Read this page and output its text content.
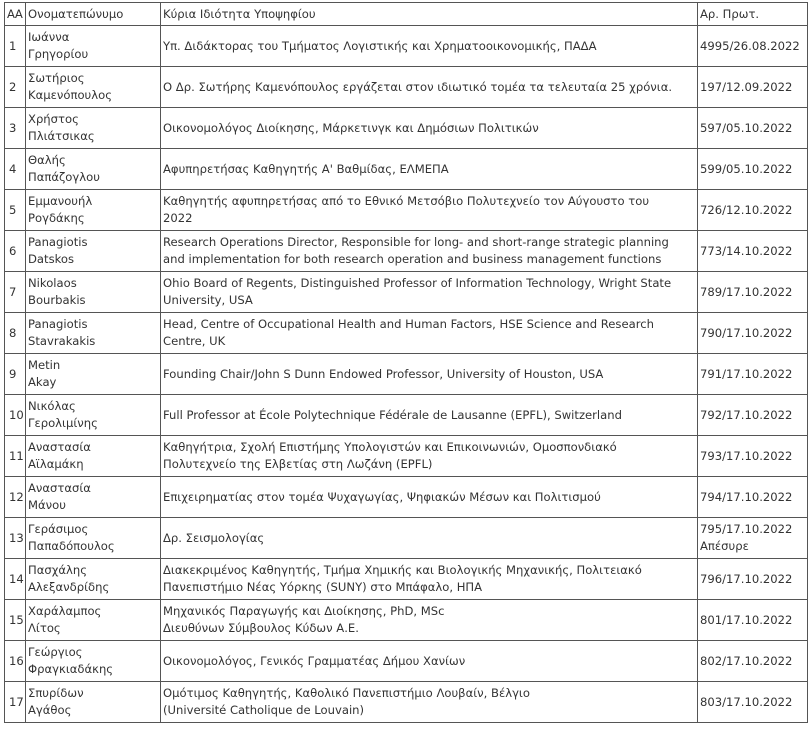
ΑΑ	Ονοματεπώνυμο	Κύρια Ιδιότητα Υποψηφίου	Αρ. Πρωτ.
1	Ιωάννα
Γρηγορίου	Υπ. Διδάκτορας του Τμήματος Λογιστικής και Χρηματοοικονομικής, ΠΑΔΑ	4995/26.08.2022

2	Σωτήριος
Καμενόπουλος	Ο Δρ. Σωτήρης Καμενόπουλος εργάζεται στον ιδιωτικό τομέα τα τελευταία 25 χρόνια.	197/12.09.2022

3	Χρήστος
Πλιάτσικας	Οικονομολόγος Διοίκησης, Μάρκετινγκ και Δημόσιων Πολιτικών	597/05.10.2022

4	Θαλής
Παπάζογλου	Αφυπηρετήσας Καθηγητής Α' Βαθμίδας, ΕΛΜΕΠΑ	599/05.10.2022

5	Εμμανουήλ
Ρογδάκης	Καθηγητής αφυπηρετήσας από το Εθνικό Μετσόβιο Πολυτεχνείο τον Αύγουστο του
2022	726/12.10.2022

6	Panagiotis
Datskos	Research Operations Director, Responsible for long- and short-range strategic planning
and implementation for both research operation and business management functions	773/14.10.2022

7	Nikolaos
Bourbakis	Ohio Board of Regents, Distinguished Professor of Information Technology, Wright State
University, USA	789/17.10.2022

8	Panagiotis
Stavrakakis	Head, Centre of Occupational Health and Human Factors, HSE Science and Research
Centre, UK	790/17.10.2022

9	Metin
Akay	Founding Chair/John S Dunn Endowed Professor, University of Houston, USA	791/17.10.2022

10	Νικόλας
Γερολιμίνης	Full Professor at École Polytechnique Fédérale de Lausanne (EPFL), Switzerland	792/17.10.2022

11	Αναστασία
Αϊλαμάκη	Καθηγήτρια, Σχολή Επιστήμης Υπολογιστών και Επικοινωνιών, Ομοσπονδιακό
Πολυτεχνείο της Ελβετίας στη Λωζάνη (EPFL)	793/17.10.2022

12	Αναστασία
Μάνου	Επιχειρηματίας στον τομέα Ψυχαγωγίας, Ψηφιακών Μέσων και Πολιτισμού	794/17.10.2022

13	Γεράσιμος
Παπαδόπουλος	Δρ. Σεισμολογίας	795/17.10.2022
Απέσυρε

14	Πασχάλης
Αλεξανδρίδης	Διακεκριμένος Καθηγητής, Τμήμα Χημικής και Βιολογικής Μηχανικής, Πολιτειακό
Πανεπιστήμιο Νέας Υόρκης (SUNY) στο Μπάφαλο, ΗΠΑ	796/17.10.2022

15	Χαράλαμπος
Λίτος	Μηχανικός Παραγωγής και Διοίκησης, PhD, MSc
Διευθύνων Σύμβουλος Κύδων Α.Ε.	801/17.10.2022

16	Γεώργιος
Φραγκιαδάκης	Οικονομολόγος, Γενικός Γραμματέας Δήμου Χανίων	802/17.10.2022

17	Σπυρίδων
Αγάθος	Ομότιμος Καθηγητής, Καθολικό Πανεπιστήμιο Λουβαίν, Βέλγιο
(Université Catholique de Louvain)	803/17.10.2022
